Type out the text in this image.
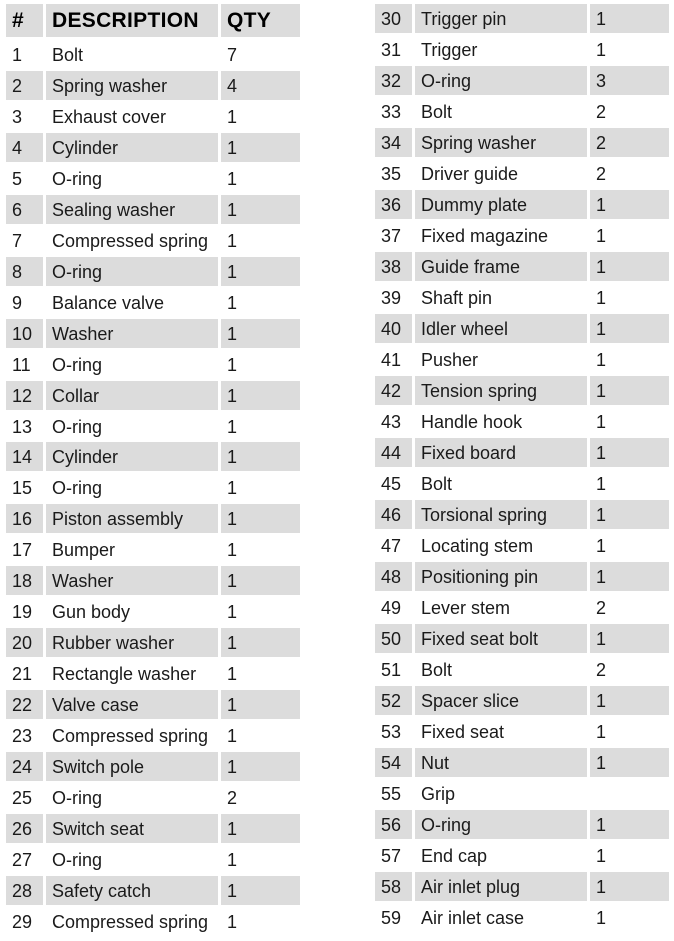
#	DESCRIPTION	QTY
1	Bolt	7
2	Spring washer	4
3	Exhaust cover	1
4	Cylinder	1
5	O-ring	1
6	Sealing washer	1
7	Compressed spring	1
8	O-ring	1
9	Balance valve	1
10	Washer	1
11	O-ring	1
12	Collar	1
13	O-ring	1
14	Cylinder	1
15	O-ring	1
16	Piston assembly	1
17	Bumper	1
18	Washer	1
19	Gun body	1
20	Rubber washer	1
21	Rectangle washer	1
22	Valve case	1
23	Compressed spring	1
24	Switch pole	1
25	O-ring	2
26	Switch seat	1
27	O-ring	1
28	Safety catch	1
29	Compressed spring	1
30	Trigger pin	1
31	Trigger	1
32	O-ring	3
33	Bolt	2
34	Spring washer	2
35	Driver guide	2
36	Dummy plate	1
37	Fixed magazine	1
38	Guide frame	1
39	Shaft pin	1
40	Idler wheel	1
41	Pusher	1
42	Tension spring	1
43	Handle hook	1
44	Fixed board	1
45	Bolt	1
46	Torsional spring	1
47	Locating stem	1
48	Positioning pin	1
49	Lever stem	2
50	Fixed seat bolt	1
51	Bolt	2
52	Spacer slice	1
53	Fixed seat	1
54	Nut	1
55	Grip
56	O-ring	1
57	End cap	1
58	Air inlet plug	1
59	Air inlet case	1
